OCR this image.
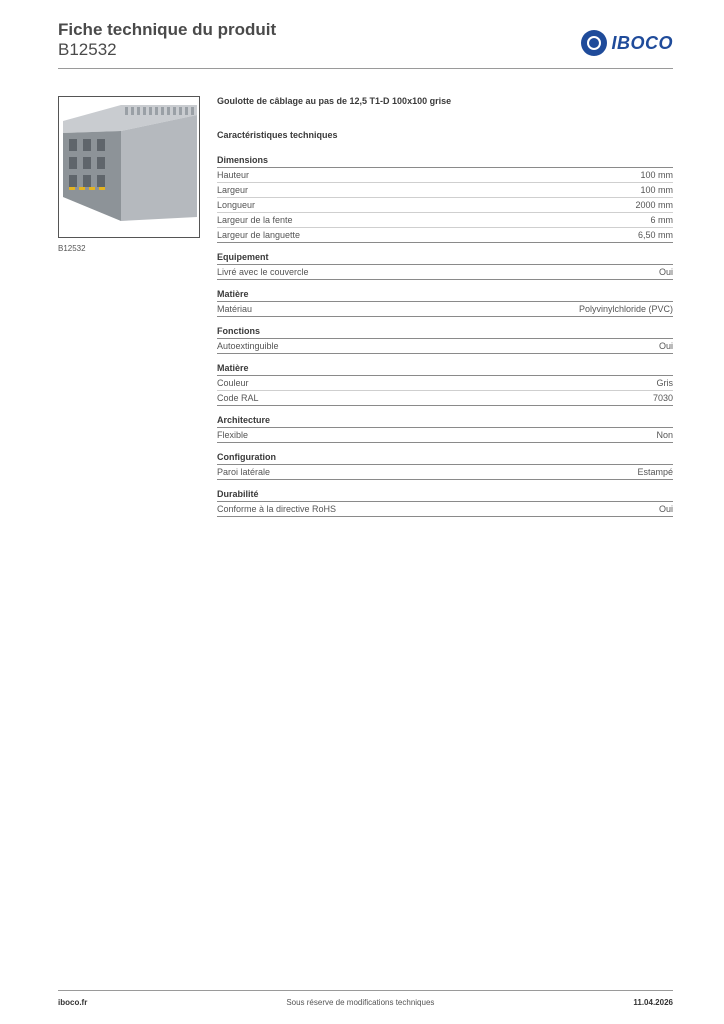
Fiche technique du produit
B12532	IBOCO
B12532
Goulotte de câblage au pas de 12,5 T1-D 100x100 grise
Caractéristiques techniques
Dimensions
Hauteur	100 mm
Largeur	100 mm
Longueur	2000 mm
Largeur de la fente	6 mm
Largeur de languette	6,50 mm
Equipement
Livré avec le couvercle	Oui
Matière
Matériau	Polyvinylchloride (PVC)
Fonctions
Autoextinguible	Oui
Matière
Couleur	Gris
Code RAL	7030
Architecture
Flexible	Non
Configuration
Paroi latérale	Estampé
Durabilité
Conforme à la directive RoHS	Oui
iboco.fr	Sous réserve de modifications techniques	11.04.2026
